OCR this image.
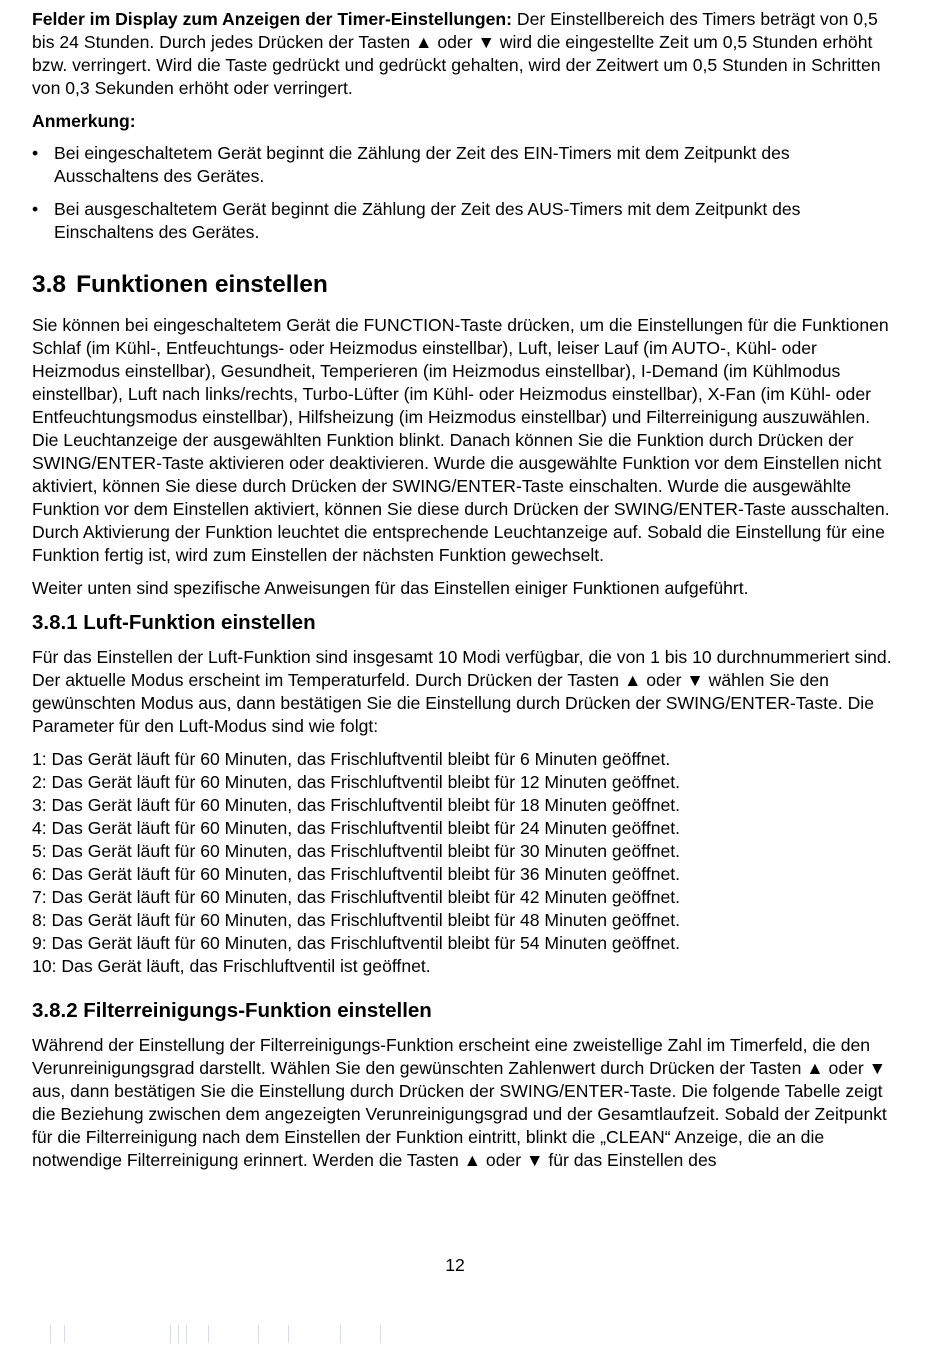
Felder im Display zum Anzeigen der Timer-Einstellungen: Der Einstellbereich des Timers beträgt von 0,5 bis 24 Stunden. Durch jedes Drücken der Tasten ▲ oder ▼ wird die eingestellte Zeit um 0,5 Stunden erhöht bzw. verringert. Wird die Taste gedrückt und gedrückt gehalten, wird der Zeitwert um 0,5 Stunden in Schritten von 0,3 Sekunden erhöht oder verringert.

Anmerkung:
• Bei eingeschaltetem Gerät beginnt die Zählung der Zeit des EIN-Timers mit dem Zeitpunkt des Ausschaltens des Gerätes.
• Bei ausgeschaltetem Gerät beginnt die Zählung der Zeit des AUS-Timers mit dem Zeitpunkt des Einschaltens des Gerätes.
3.8 Funktionen einstellen

Sie können bei eingeschaltetem Gerät die FUNCTION-Taste drücken, um die Einstellungen für die Funktionen Schlaf (im Kühl-, Entfeuchtungs- oder Heizmodus einstellbar), Luft, leiser Lauf (im AUTO-, Kühl- oder Heizmodus einstellbar), Gesundheit, Temperieren (im Heizmodus einstellbar), I-Demand (im Kühlmodus einstellbar), Luft nach links/rechts, Turbo-Lüfter (im Kühl- oder Heizmodus einstellbar), X-Fan (im Kühl- oder Entfeuchtungsmodus einstellbar), Hilfsheizung (im Heizmodus einstellbar) und Filterreinigung auszuwählen. Die Leuchtanzeige der ausgewählten Funktion blinkt. Danach können Sie die Funktion durch Drücken der SWING/ENTER-Taste aktivieren oder deaktivieren. Wurde die ausgewählte Funktion vor dem Einstellen nicht aktiviert, können Sie diese durch Drücken der SWING/ENTER-Taste einschalten. Wurde die ausgewählte Funktion vor dem Einstellen aktiviert, können Sie diese durch Drücken der SWING/ENTER-Taste ausschalten. Durch Aktivierung der Funktion leuchtet die entsprechende Leuchtanzeige auf. Sobald die Einstellung für eine Funktion fertig ist, wird zum Einstellen der nächsten Funktion gewechselt.

Weiter unten sind spezifische Anweisungen für das Einstellen einiger Funktionen aufgeführt.

3.8.1 Luft-Funktion einstellen

Für das Einstellen der Luft-Funktion sind insgesamt 10 Modi verfügbar, die von 1 bis 10 durchnummeriert sind. Der aktuelle Modus erscheint im Temperaturfeld. Durch Drücken der Tasten ▲ oder ▼ wählen Sie den gewünschten Modus aus, dann bestätigen Sie die Einstellung durch Drücken der SWING/ENTER-Taste. Die Parameter für den Luft-Modus sind wie folgt:

1: Das Gerät läuft für 60 Minuten, das Frischluftventil bleibt für 6 Minuten geöffnet.
2: Das Gerät läuft für 60 Minuten, das Frischluftventil bleibt für 12 Minuten geöffnet.
3: Das Gerät läuft für 60 Minuten, das Frischluftventil bleibt für 18 Minuten geöffnet.
4: Das Gerät läuft für 60 Minuten, das Frischluftventil bleibt für 24 Minuten geöffnet.
5: Das Gerät läuft für 60 Minuten, das Frischluftventil bleibt für 30 Minuten geöffnet.
6: Das Gerät läuft für 60 Minuten, das Frischluftventil bleibt für 36 Minuten geöffnet.
7: Das Gerät läuft für 60 Minuten, das Frischluftventil bleibt für 42 Minuten geöffnet.
8: Das Gerät läuft für 60 Minuten, das Frischluftventil bleibt für 48 Minuten geöffnet.
9: Das Gerät läuft für 60 Minuten, das Frischluftventil bleibt für 54 Minuten geöffnet.
10: Das Gerät läuft, das Frischluftventil ist geöffnet.
3.8.2 Filterreinigungs-Funktion einstellen

Während der Einstellung der Filterreinigungs-Funktion erscheint eine zweistellige Zahl im Timerfeld, die den Verunreinigungsgrad darstellt. Wählen Sie den gewünschten Zahlenwert durch Drücken der Tasten ▲ oder ▼ aus, dann bestätigen Sie die Einstellung durch Drücken der SWING/ENTER-Taste. Die folgende Tabelle zeigt die Beziehung zwischen dem angezeigten Verunreinigungsgrad und der Gesamtlaufzeit. Sobald der Zeitpunkt für die Filterreinigung nach dem Einstellen der Funktion eintritt, blinkt die „CLEAN“ Anzeige, die an die notwendige Filterreinigung erinnert. Werden die Tasten ▲ oder ▼ für das Einstellen des

12
